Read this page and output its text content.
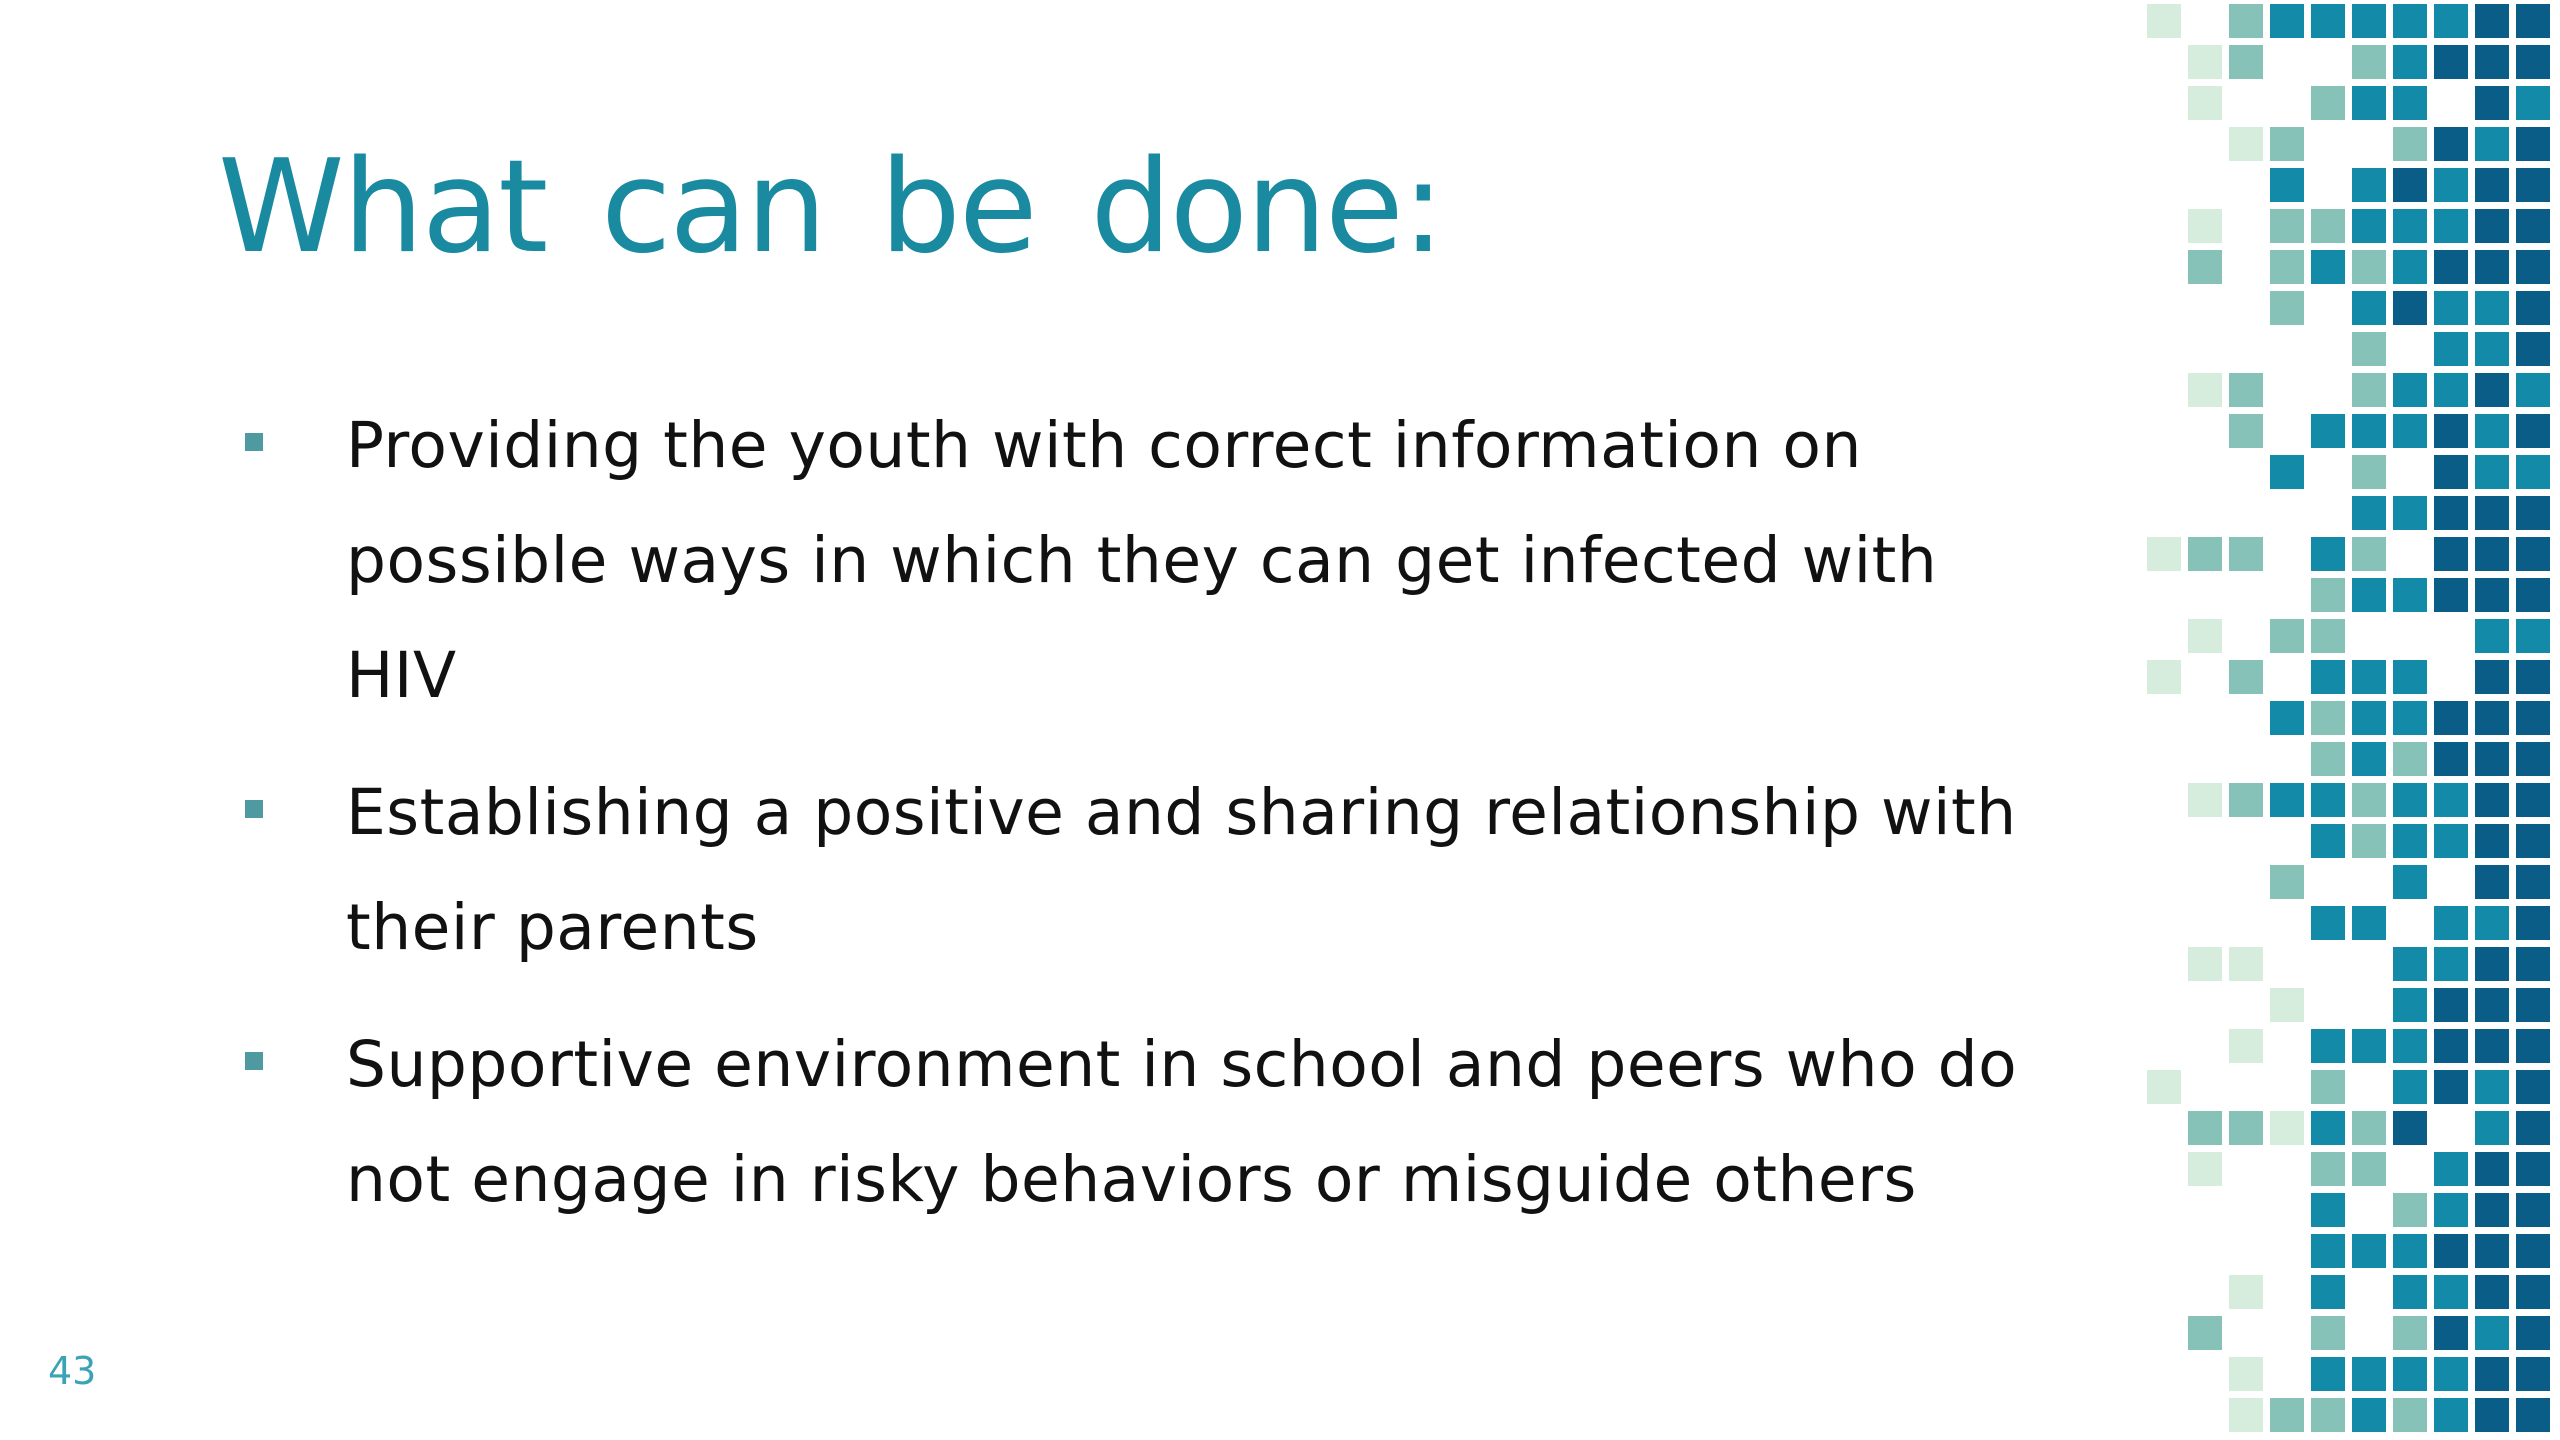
What can be done:
Providing the youth with correct information on possible ways in which they can get infected with HIV
Establishing a positive and sharing relationship with their parents
Supportive environment in school and peers who do not engage in risky behaviors or misguide others
43
